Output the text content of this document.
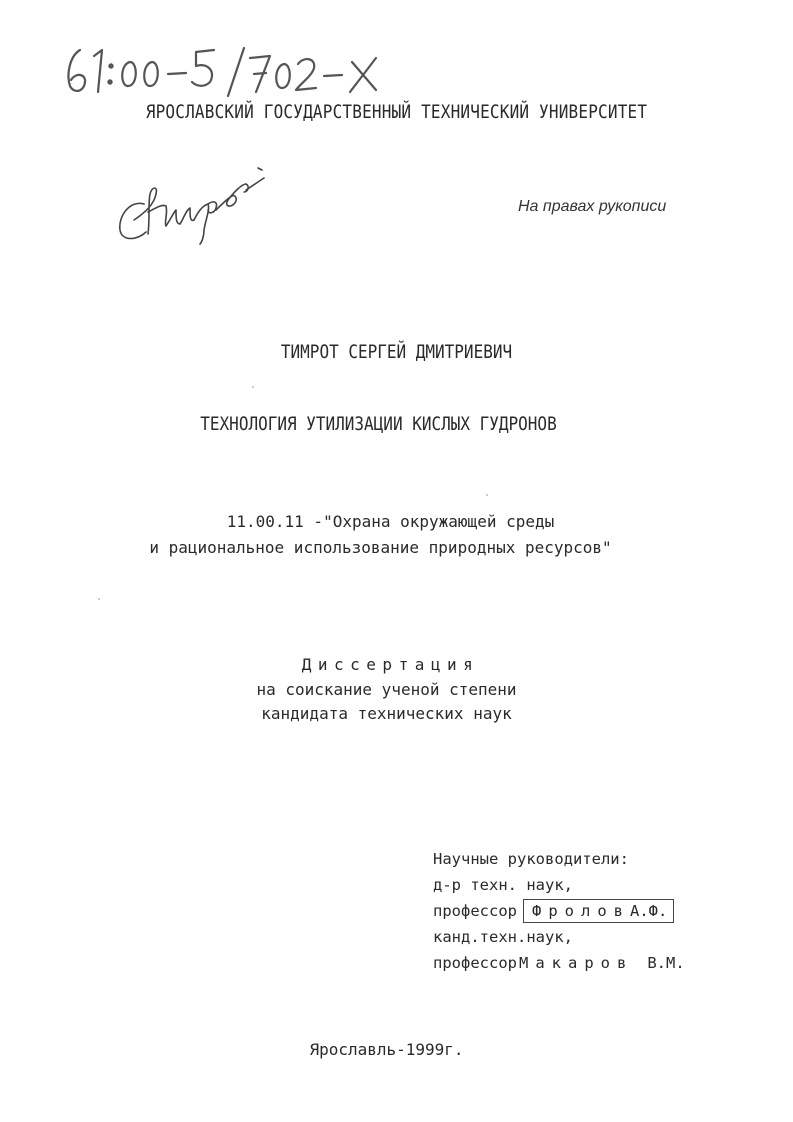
ЯРОСЛАВСКИЙ ГОСУДАРСТВЕННЫЙ ТЕХНИЧЕСКИЙ УНИВЕРСИТЕТ
На правах рукописи
ТИМРОТ СЕРГЕЙ ДМИТРИЕВИЧ
ТЕХНОЛОГИЯ УТИЛИЗАЦИИ КИСЛЫХ ГУДРОНОВ
11.00.11 -"Охрана окружающей среды
и рациональное использование природных ресурсов"
Диссертация
на соискание ученой степени
кандидата технических наук
Научные руководители:
д-р техн. наук,
профессор ФроловА.Ф.
канд.техн.наук,
профессор Макаров В.М.
Ярославль-1999г.
